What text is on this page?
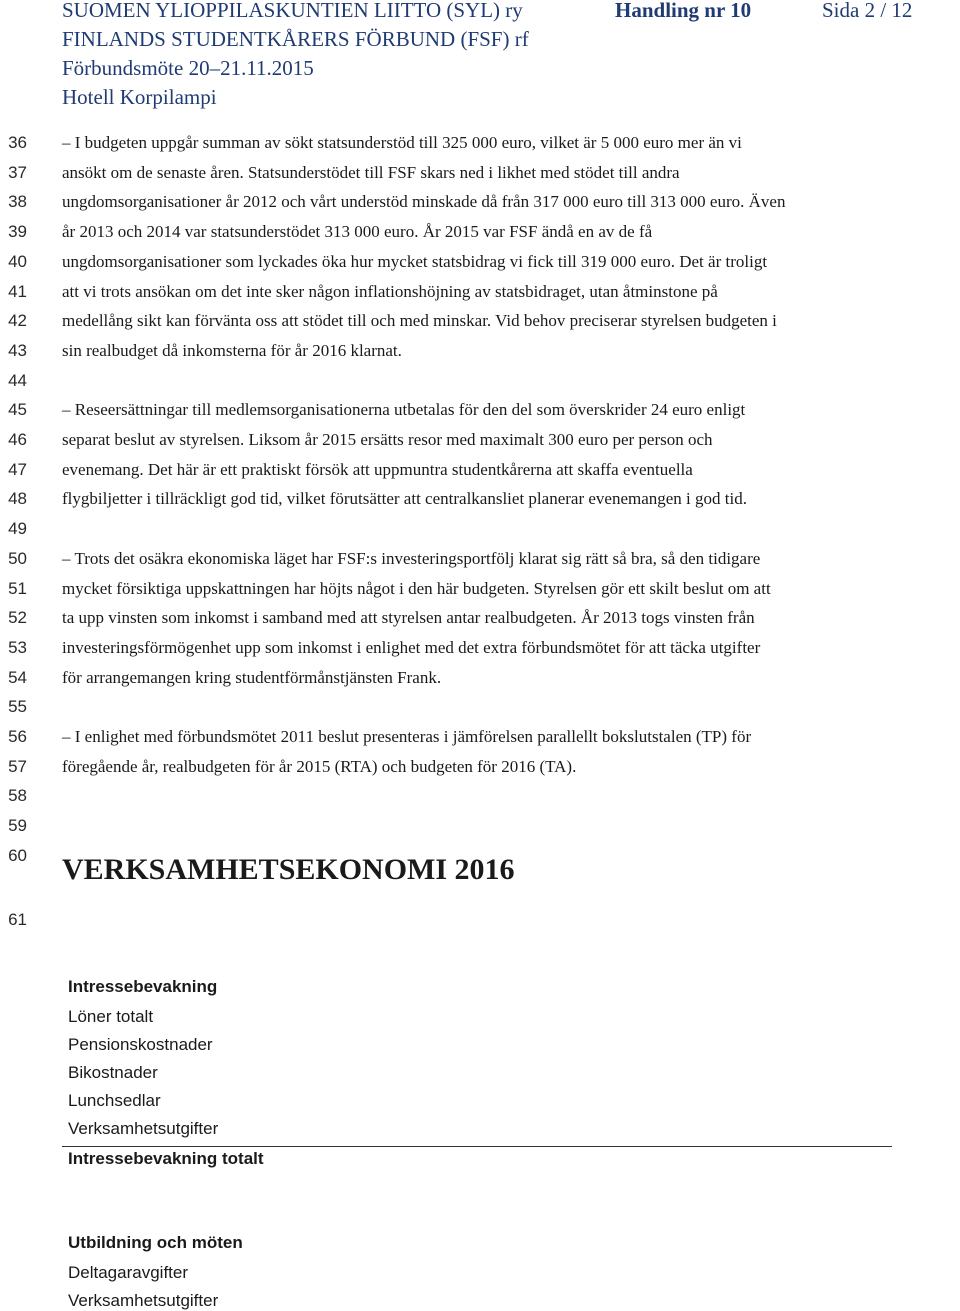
SUOMEN YLIOPPILASKUNTIEN LIITTO (SYL) ry	Handling nr 10	Sida 2 / 12
FINLANDS STUDENTKÅRERS FÖRBUND (FSF) rf
Förbundsmöte 20–21.11.2015
Hotell Korpilampi
36
37
38
39
40
41
42
43
44
45
46
47
48
49
50
51
52
53
54
55
56
57
58
59
60
61
– I budgeten uppgår summan av sökt statsunderstöd till 325 000 euro, vilket är 5 000 euro mer än vi
ansökt om de senaste åren. Statsunderstödet till FSF skars ned i likhet med stödet till andra
ungdomsorganisationer år 2012 och vårt understöd minskade då från 317 000 euro till 313 000 euro. Även
år 2013 och 2014 var statsunderstödet 313 000 euro. År 2015 var FSF ändå en av de få
ungdomsorganisationer som lyckades öka hur mycket statsbidrag vi fick till 319 000 euro. Det är troligt
att vi trots ansökan om det inte sker någon inflationshöjning av statsbidraget, utan åtminstone på
medellång sikt kan förvänta oss att stödet till och med minskar. Vid behov preciserar styrelsen budgeten i
sin realbudget då inkomsterna för år 2016 klarnat.
– Reseersättningar till medlemsorganisationerna utbetalas för den del som överskrider 24 euro enligt
separat beslut av styrelsen. Liksom år 2015 ersätts resor med maximalt 300 euro per person och
evenemang. Det här är ett praktiskt försök att uppmuntra studentkårerna att skaffa eventuella
flygbiljetter i tillräckligt god tid, vilket förutsätter att centralkansliet planerar evenemangen i god tid.
– Trots det osäkra ekonomiska läget har FSF:s investeringsportfölj klarat sig rätt så bra, så den tidigare
mycket försiktiga uppskattningen har höjts något i den här budgeten. Styrelsen gör ett skilt beslut om att
ta upp vinsten som inkomst i samband med att styrelsen antar realbudgeten. År 2013 togs vinsten från
investeringsförmögenhet upp som inkomst i enlighet med det extra förbundsmötet för att täcka utgifter
för arrangemangen kring studentförmånstjänsten Frank.
– I enlighet med förbundsmötet 2011 beslut presenteras i jämförelsen parallellt bokslutstalen (TP) för
föregående år, realbudgeten för år 2015 (RTA) och budgeten för 2016 (TA).
VERKSAMHETSEKONOMI 2016
Intressebevakning
Löner totalt
Pensionskostnader
Bikostnader
Lunchsedlar
Verksamhetsutgifter
Intressebevakning totalt
Utbildning och möten
Deltagaravgifter
Verksamhetsutgifter
